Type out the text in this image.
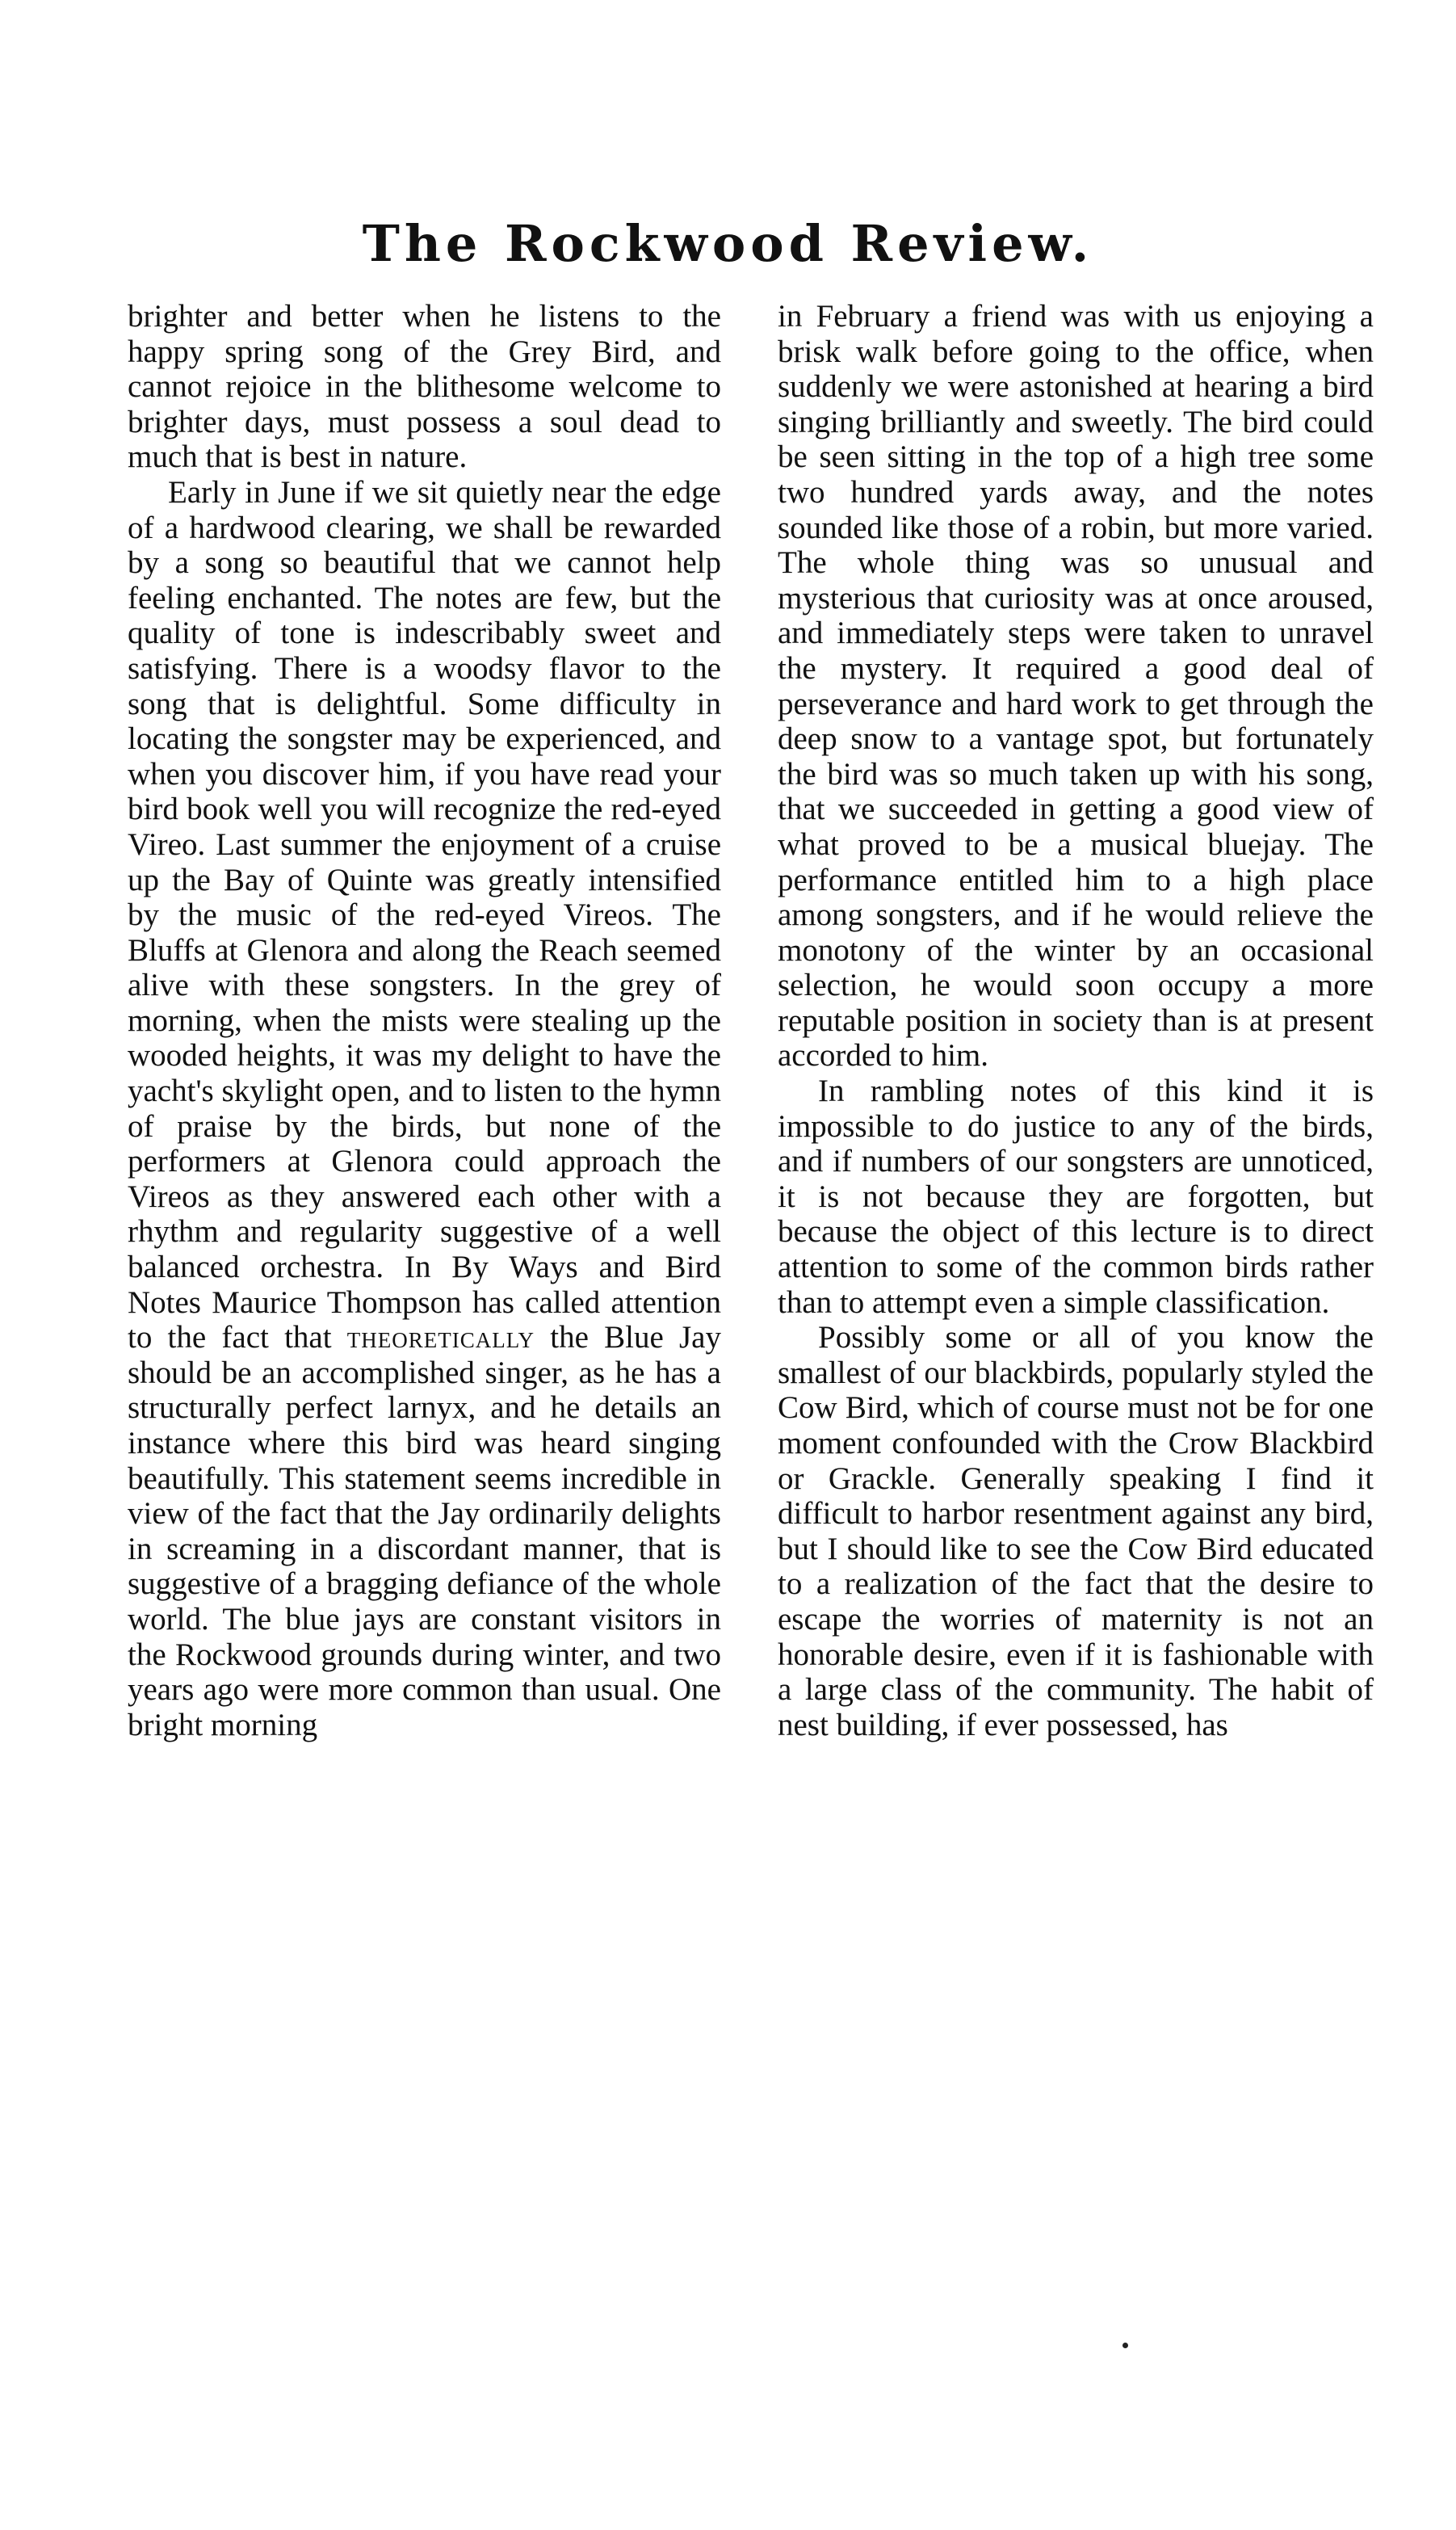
The Rockwood Review.

brighter and better when he listens to the happy spring song of the Grey Bird, and cannot rejoice in the blithesome welcome to brighter days, must possess a soul dead to much that is best in nature.

Early in June if we sit quietly near the edge of a hardwood clearing, we shall be rewarded by a song so beautiful that we cannot help feeling enchanted. The notes are few, but the quality of tone is indescribably sweet and satisfying. There is a woodsy flavor to the song that is delightful. Some difficulty in locating the songster may be experienced, and when you discover him, if you have read your bird book well you will recognize the red-eyed Vireo. Last summer the enjoyment of a cruise up the Bay of Quinte was greatly intensified by the music of the red-eyed Vireos. The Bluffs at Glenora and along the Reach seemed alive with these songsters. In the grey of morning, when the mists were stealing up the wooded heights, it was my delight to have the yacht's skylight open, and to listen to the hymn of praise by the birds, but none of the performers at Glenora could approach the Vireos as they answered each other with a rhythm and regularity suggestive of a well balanced orchestra. In By Ways and Bird Notes Maurice Thompson has called attention to the fact that theoretically the Blue Jay should be an accomplished singer, as he has a structurally perfect larnyx, and he details an instance where this bird was heard singing beautifully. This statement seems incredible in view of the fact that the Jay ordinarily delights in screaming in a discordant manner, that is suggestive of a bragging defiance of the whole world. The blue jays are constant visitors in the Rockwood grounds during winter, and two years ago were more common than usual. One bright morning

in February a friend was with us enjoying a brisk walk before going to the office, when suddenly we were astonished at hearing a bird singing brilliantly and sweetly. The bird could be seen sitting in the top of a high tree some two hundred yards away, and the notes sounded like those of a robin, but more varied. The whole thing was so unusual and mysterious that curiosity was at once aroused, and immediately steps were taken to unravel the mystery. It required a good deal of perseverance and hard work to get through the deep snow to a vantage spot, but fortunately the bird was so much taken up with his song, that we succeeded in getting a good view of what proved to be a musical bluejay. The performance entitled him to a high place among songsters, and if he would relieve the monotony of the winter by an occasional selection, he would soon occupy a more reputable position in society than is at present accorded to him.

In rambling notes of this kind it is impossible to do justice to any of the birds, and if numbers of our songsters are unnoticed, it is not because they are forgotten, but because the object of this lecture is to direct attention to some of the common birds rather than to attempt even a simple classification.

Possibly some or all of you know the smallest of our blackbirds, popularly styled the Cow Bird, which of course must not be for one moment confounded with the Crow Blackbird or Grackle. Generally speaking I find it difficult to harbor resentment against any bird, but I should like to see the Cow Bird educated to a realization of the fact that the desire to escape the worries of maternity is not an honorable desire, even if it is fashionable with a large class of the community. The habit of nest building, if ever possessed, has
